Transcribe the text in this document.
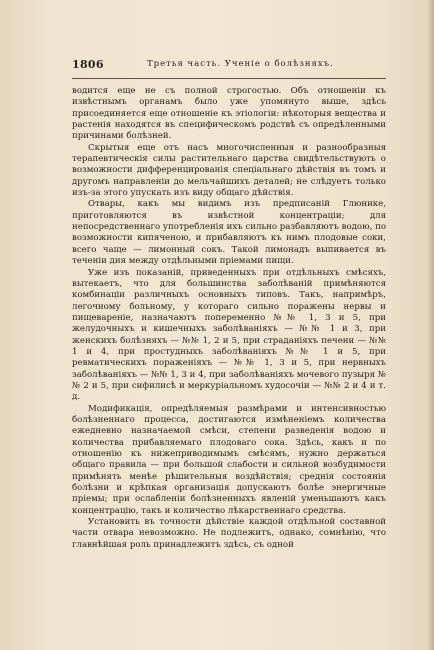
1806	Третья часть. Ученiе о болѣзняхъ.

водится еще не съ полной строгостью. Объ отношенiи къ извѣстнымъ органамъ было уже упомянуто выше, здѣсь присоединяется еще отношенiе къ этiологiи: нѣкоторыя вещества и растенiя находятся въ специфическомъ родствѣ съ опредѣленными причинами болѣзней.

Скрытыя еще отъ насъ многочисленныя и разнообразныя терапевтическiя силы растительнаго царства свидѣтельствують о возможности дифференцированiя спецiальнаго дѣйствiя въ томъ и другомъ направленiи до мельчайшихъ деталей; не слѣдуетъ только изъ-за этого упускать изъ виду общаго дѣйствiя.

Отвары, какъ мы видимъ изъ предписанiй Глюнике, приготовляются въ извѣстной концентрацiи; для непосредственнаго употребленiя ихъ сильно разбавляютъ водою, по возможности кипяченою, и прибавляютъ къ нимъ плодовые соки, всего чаще — лимонный сокъ. Такой лимонадъ выпивается въ теченiи дня между отдѣльными прiемами пищи.

Уже изъ показанiй, приведенныхъ при отдѣльныхъ смѣсяхъ, вытекаетъ, что для большинства заболѣванiй примѣняются комбинацiи различныхъ основныхъ типовъ. Такъ, напримѣръ, легочному больному, у котораго сильно поражены нервы и пищеваренiе, назначаютъ попеременно №№ 1, 3 и 5, при желудочныхъ и кишечныхъ заболѣванiяхъ — №№ 1 и 3, при женскихъ болѣзняхъ — №№ 1, 2 и 5, при страданiяхъ печени — №№ 1 и 4, при простудныхъ заболѣванiяхъ №№ 1 и 5, при ревматическихъ пораженiяхъ — №№ 1, 3 и 5, при нервныхъ заболѣванiяхъ — №№ 1, 3 и 4, при заболѣванiяхъ мочевого пузыря №№ 2 и 5, при сифилисѣ и меркурiальномъ худосочiи — №№ 2 и 4 и т. д.

Модификацiя, опредѣляемыя размѣрами и интенсивностью болѣзненнаго процесса, достигаются измѣненiемъ количества ежедневно назначаемой смѣси, степени разведенiя водою и количества прибавляемаго плодоваго сока. Здѣсь, какъ и по отношенiю къ нижеприводимымъ смѣсямъ, нужно держаться общаго правила — при большой слабости и сильной возбудимости примѣнять менѣе рѣшительныя воздѣйствiя; среднiя состоянiя болѣзни и крѣпкая организацiя допускаютъ болѣе энергичные прiемы; при ослабленiи болѣзненныхъ явленiй уменьшаютъ какъ концентрацiю, такъ и количество лѣкарственнаго средства.

Установить въ точности дѣйствiе каждой отдѣльной составной части отвара невозможно. Не подлежитъ, однако, сомнѣнiю, что главнѣйшая роль принадлежитъ здѣсь, съ одной
